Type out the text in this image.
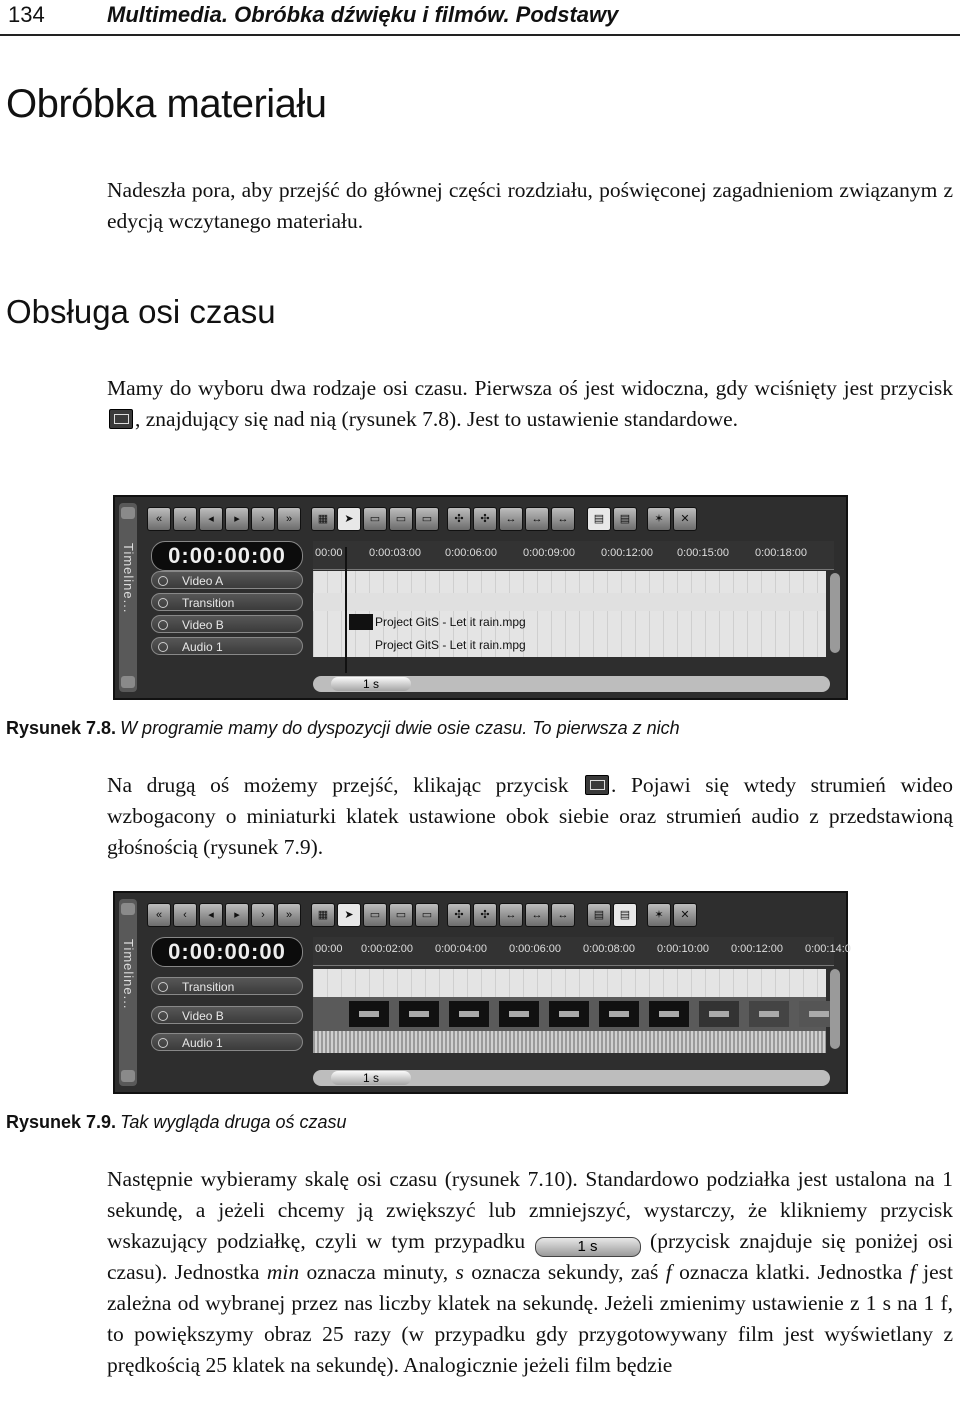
134	Multimedia. Obróbka dźwięku i filmów. Podstawy
Obróbka materiału
Nadeszła pora, aby przejść do głównej części rozdziału, poświęconej zagadnieniom związanym z edycją wczytanego materiału.
Obsługa osi czasu
Mamy do wyboru dwa rodzaje osi czasu. Pierwsza oś jest widoczna, gdy wciśnięty jest przycisk , znajdujący się nad nią (rysunek 7.8). Jest to ustawienie standardowe.
Timeline...
«	‹	◂	▸	›	»	▦	➤	▭	▭	▭	✣	✣	↔	↔	↔	▤	▤	✶	✕
0:00:00:00	00:00 0:00:03:00 0:00:06:00 0:00:09:00 0:00:12:00 0:00:15:00 0:00:18:00
Video A
Transition
Video B
Audio 1
Project GitS - Let it rain.mpg
Project GitS - Let it rain.mpg
1 s
Rysunek 7.8. W programie mamy do dyspozycji dwie osie czasu. To pierwsza z nich
Na drugą oś możemy przejść, klikając przycisk . Pojawi się wtedy strumień wideo wzbogacony o miniaturki klatek ustawione obok siebie oraz strumień audio z przedstawioną głośnością (rysunek 7.9).
Timeline...
«	‹	◂	▸	›	»	▦	➤	▭	▭	▭	✣	✣	↔	↔	↔	▤	▤	✶	✕
0:00:00:00	00:00 0:00:02:00 0:00:04:00 0:00:06:00 0:00:08:00 0:00:10:00 0:00:12:00 0:00:14:0
Transition
Video B
Audio 1
1 s
Rysunek 7.9. Tak wygląda druga oś czasu
Następnie wybieramy skalę osi czasu (rysunek 7.10). Standardowo podziałka jest ustalona na 1 sekundę, a jeżeli chcemy ją zwiększyć lub zmniejszyć, wystarczy, że klikniemy przycisk wskazujący podziałkę, czyli w tym przypadku	1 s (przycisk znajduje się poniżej osi czasu). Jednostka min oznacza minuty, s oznacza sekundy, zaś f oznacza klatki. Jednostka f jest zależna od wybranej przez nas liczby klatek na sekundę. Jeżeli zmienimy ustawienie z 1 s na 1 f, to powiększymy obraz 25 razy (w przypadku gdy przygotowywany film jest wyświetlany z prędkością 25 klatek na sekundę). Analogicznie jeżeli film będzie
